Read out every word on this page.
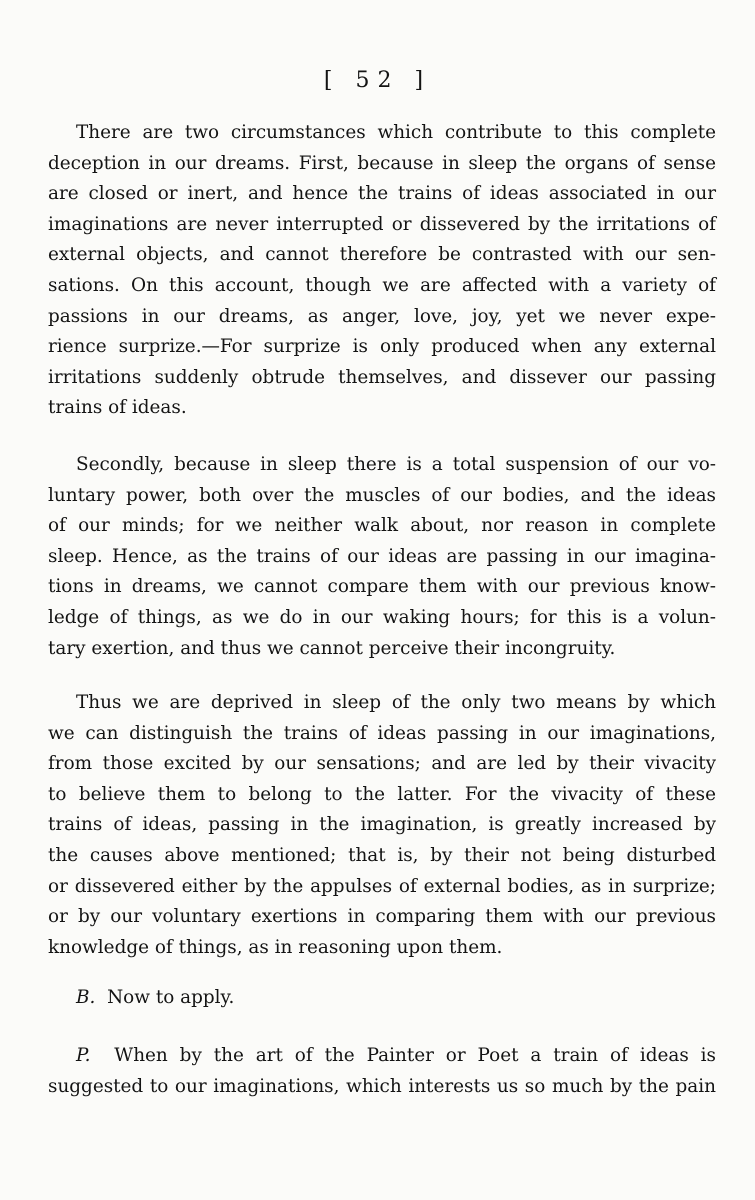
[ 52 ]
There are two circumstances which contribute to this complete
deception in our dreams. First, because in sleep the organs of sense
are closed or inert, and hence the trains of ideas associated in our
imaginations are never interrupted or dissevered by the irritations of
external objects, and cannot therefore be contrasted with our sen-
sations. On this account, though we are affected with a variety of
passions in our dreams, as anger, love, joy, yet we never expe-
rience surprize.—For surprize is only produced when any external
irritations suddenly obtrude themselves, and dissever our passing
trains of ideas.
Secondly, because in sleep there is a total suspension of our vo-
luntary power, both over the muscles of our bodies, and the ideas
of our minds; for we neither walk about, nor reason in complete
sleep. Hence, as the trains of our ideas are passing in our imagina-
tions in dreams, we cannot compare them with our previous know-
ledge of things, as we do in our waking hours; for this is a volun-
tary exertion, and thus we cannot perceive their incongruity.
Thus we are deprived in sleep of the only two means by which
we can distinguish the trains of ideas passing in our imaginations,
from those excited by our sensations; and are led by their vivacity
to believe them to belong to the latter. For the vivacity of these
trains of ideas, passing in the imagination, is greatly increased by
the causes above mentioned; that is, by their not being disturbed
or dissevered either by the appulses of external bodies, as in surprize;
or by our voluntary exertions in comparing them with our previous
knowledge of things, as in reasoning upon them.
B. Now to apply.
P. When by the art of the Painter or Poet a train of ideas is
suggested to our imaginations, which interests us so much by the pain
